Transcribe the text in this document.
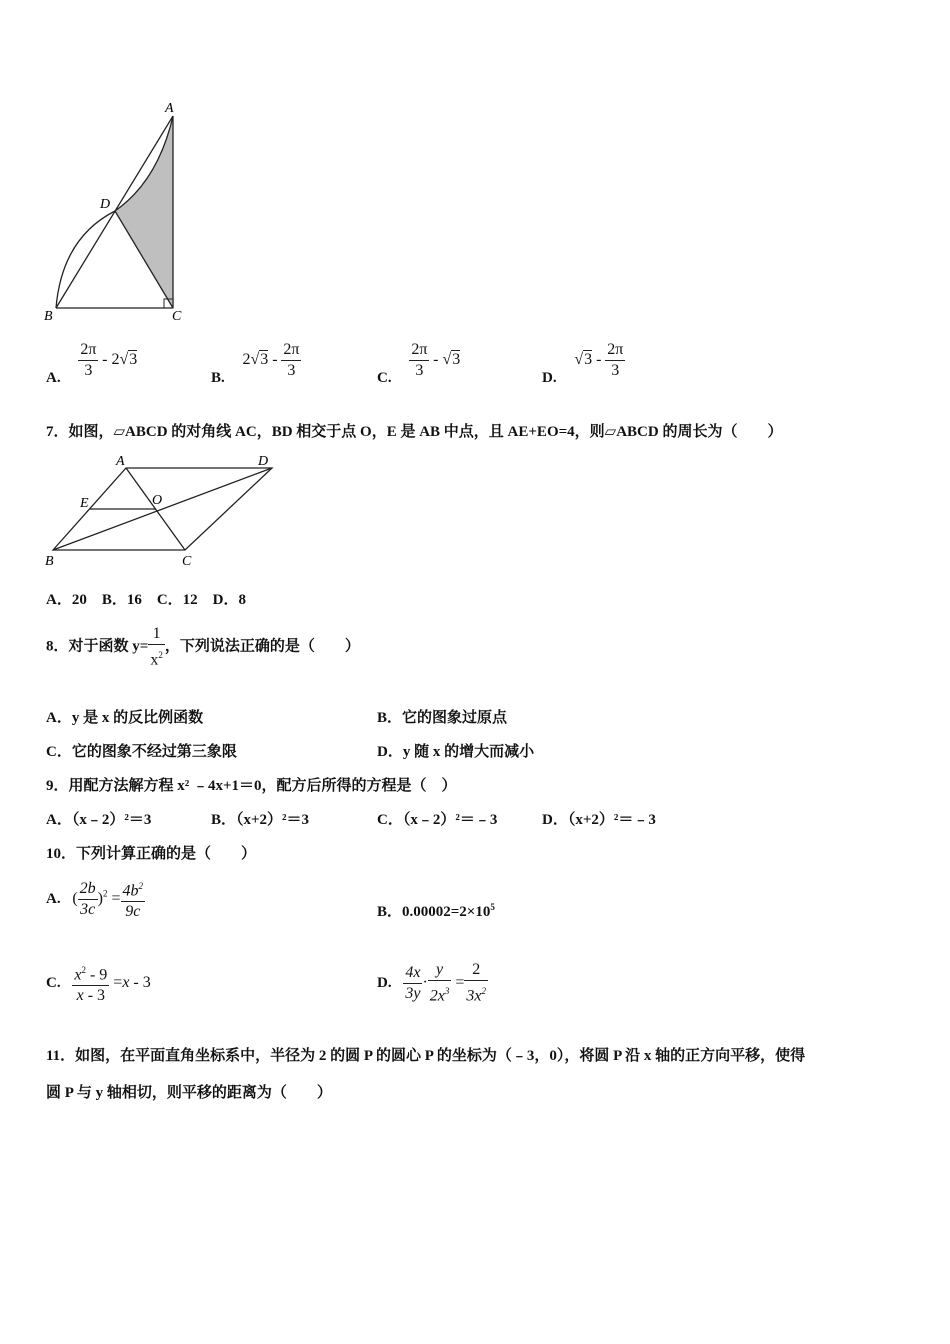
A
D
B	C
A. $\frac{2\pi}{3} - 2√3$
B. $2√3 - \frac{2\pi}{3}$	C. $\frac{2\pi}{3} - √3$
D. $√3 - \frac{2\pi}{3}$
7．如图，▱ABCD 的对角线 AC，BD 相交于点 O，E 是 AB 中点，且 AE+EO=4，则▱ABCD 的周长为（　　）
A	D
E	O
B	C
A．20　B．16　C．12　D．8
8．对于函数 $y= \frac{1}{x^2}$ ，下列说法正确的是（　　）
A．y 是 x 的反比例函数	B．它的图象过原点
C．它的图象不经过第三象限	D．y 随 x 的增大而减小
9．用配方法解方程 x² ﹣4x+1＝0，配方后所得的方程是（　）
A．（x﹣2）²＝3	B．（x+2）²＝3	C．（x﹣2）²＝﹣3	D．（x+2）²＝﹣3
10．下列计算正确的是（　　）
A. ( $\frac{2b}{3c} )^2 = \frac{4b^2}{9c}$	B．$0.00002=2\times 10^5$
C. $\frac{x^2 - 9}{x - 3} =x - 3$	D. $\frac{4x}{3y} \cdot \frac{y}{2x^3} = \frac{2}{3x^2}$
11．如图，在平面直角坐标系中，半径为 2 的圆 P 的圆心 P 的坐标为（﹣3，0），将圆 P 沿 x 轴的正方向平移，使得
圆 P 与 y 轴相切，则平移的距离为（　　）
